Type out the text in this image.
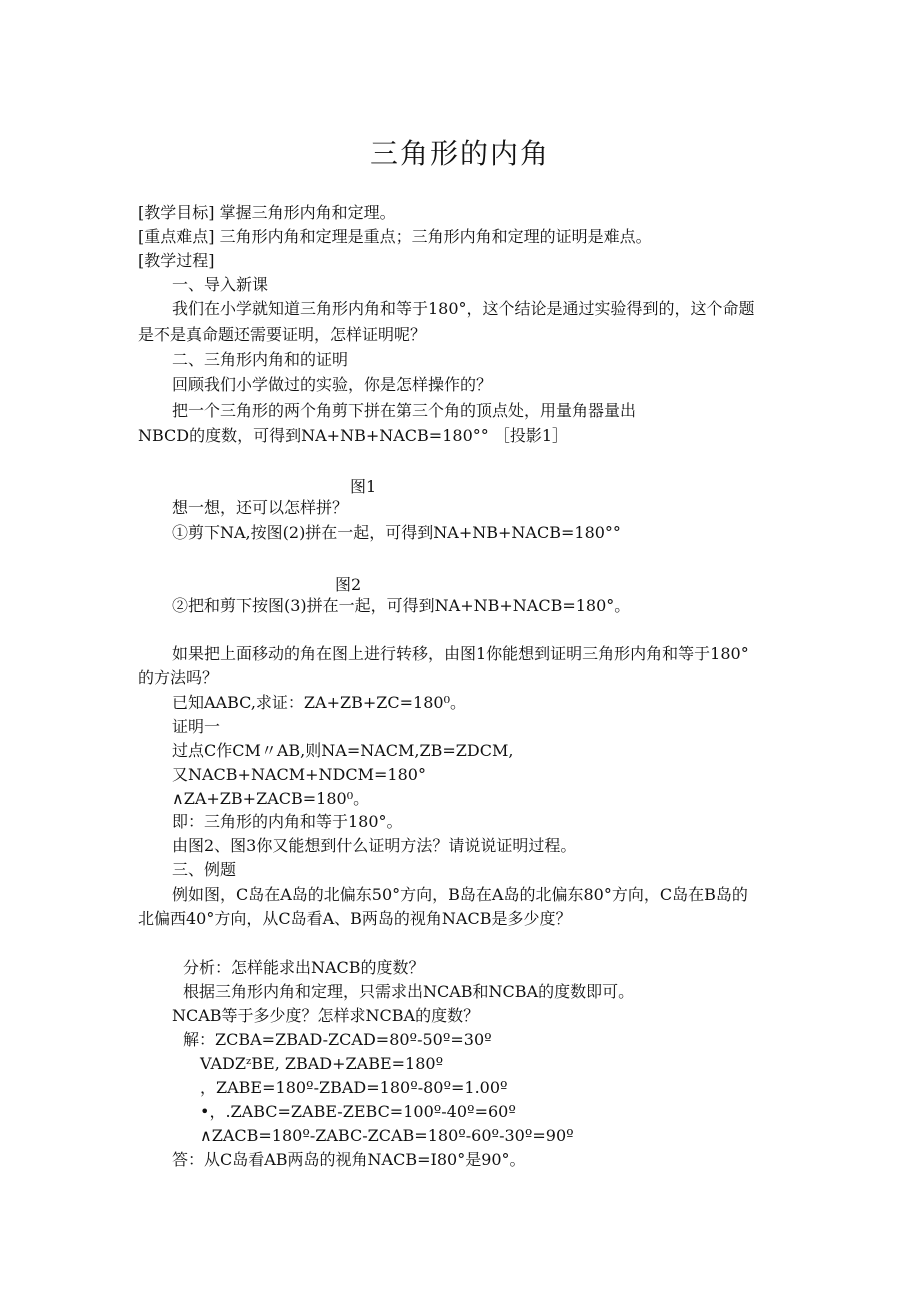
三角形的内角
[教学目标] 掌握三角形内角和定理。
[重点难点] 三角形内角和定理是重点；三角形内角和定理的证明是难点。
[教学过程]
一、导入新课
我们在小学就知道三角形内角和等于180°，这个结论是通过实验得到的，这个命题
是不是真命题还需要证明，怎样证明呢？
二、三角形内角和的证明
回顾我们小学做过的实验，你是怎样操作的？
把一个三角形的两个角剪下拼在第三个角的顶点处，用量角器量出
NBCD的度数，可得到NA+NB+NACB=180°° ［投影1］
图1
想一想，还可以怎样拼？
①剪下NA,按图(2)拼在一起，可得到NA+NB+NACB=180°°
图2
②把和剪下按图(3)拼在一起，可得到NA+NB+NACB=180°。
如果把上面移动的角在图上进行转移，由图1你能想到证明三角形内角和等于180°
的方法吗？
已知AABC,求证：ZA+ZB+ZC=180⁰。
证明一
过点C作CM〃AB,则NA=NACM,ZB=ZDCM,
又NACB+NACM+NDCM=180°
∧ZA+ZB+ZACB=180⁰。
即：三角形的内角和等于180°。
由图2、图3你又能想到什么证明方法？请说说证明过程。
三、例题
例如图，C岛在A岛的北偏东50°方向，B岛在A岛的北偏东80°方向，C岛在B岛的
北偏西40°方向，从C岛看A、B两岛的视角NACB是多少度？
分析：怎样能求出NACB的度数？
根据三角形内角和定理，只需求出NCAB和NCBA的度数即可。
NCAB等于多少度？怎样求NCBA的度数？
解：ZCBA=ZBAD-ZCAD=80º-50º=30º
VADZᶻBE, ZBAD+ZABE=180º
，ZABE=180º-ZBAD=180º-80º=1.00º
•，.ZABC=ZABE-ZEBC=100º-40º=60º
∧ZACB=180º-ZABC-ZCAB=180º-60º-30º=90º
答：从C岛看AB两岛的视角NACB=I80°是90°。
